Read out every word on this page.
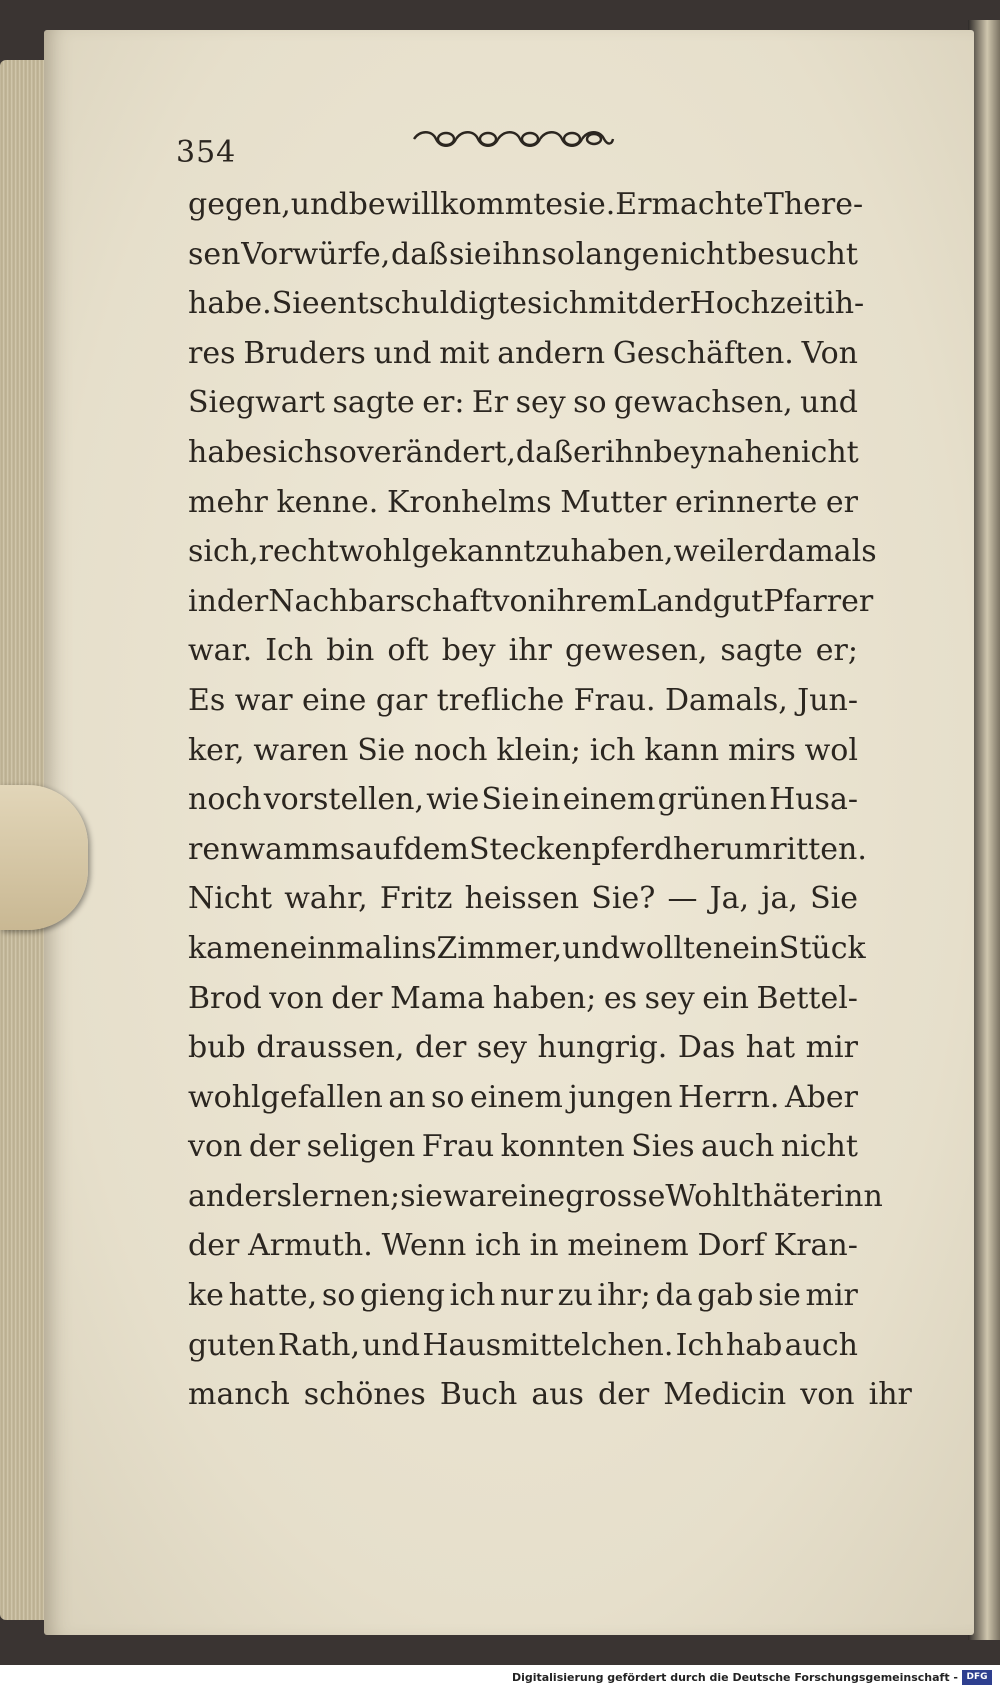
354
gegen, und bewillkommte sie. Er machte There-
sen Vorwürfe, daß sie ihn so lange nicht besucht
habe. Sie entschuldigte sich mit der Hochzeit ih-
res Bruders und mit andern Geschäften. Von
Siegwart sagte er: Er sey so gewachsen, und
habe sich so verändert, daß er ihn beynahe nicht
mehr kenne. Kronhelms Mutter erinnerte er
sich, recht wohl gekannt zu haben, weil er damals
in der Nachbarschaft von ihrem Landgut Pfarrer
war. Ich bin oft bey ihr gewesen, sagte er;
Es war eine gar trefliche Frau. Damals, Jun-
ker, waren Sie noch klein; ich kann mirs wol
noch vorstellen, wie Sie in einem grünen Husa-
renwamms auf dem Steckenpferd herumritten.
Nicht wahr, Fritz heissen Sie? — Ja, ja, Sie
kamen einmal ins Zimmer, und wollten ein Stück
Brod von der Mama haben; es sey ein Bettel-
bub draussen, der sey hungrig. Das hat mir
wohlgefallen an so einem jungen Herrn. Aber
von der seligen Frau konnten Sies auch nicht
anders lernen; sie war eine grosse Wohlthäterinn
der Armuth. Wenn ich in meinem Dorf Kran-
ke hatte, so gieng ich nur zu ihr; da gab sie mir
guten Rath, und Hausmittelchen. Ich hab auch
manch schönes Buch aus der Medicin von ihr
Digitalisierung gefördert durch die Deutsche Forschungsgemeinschaft - DFG
